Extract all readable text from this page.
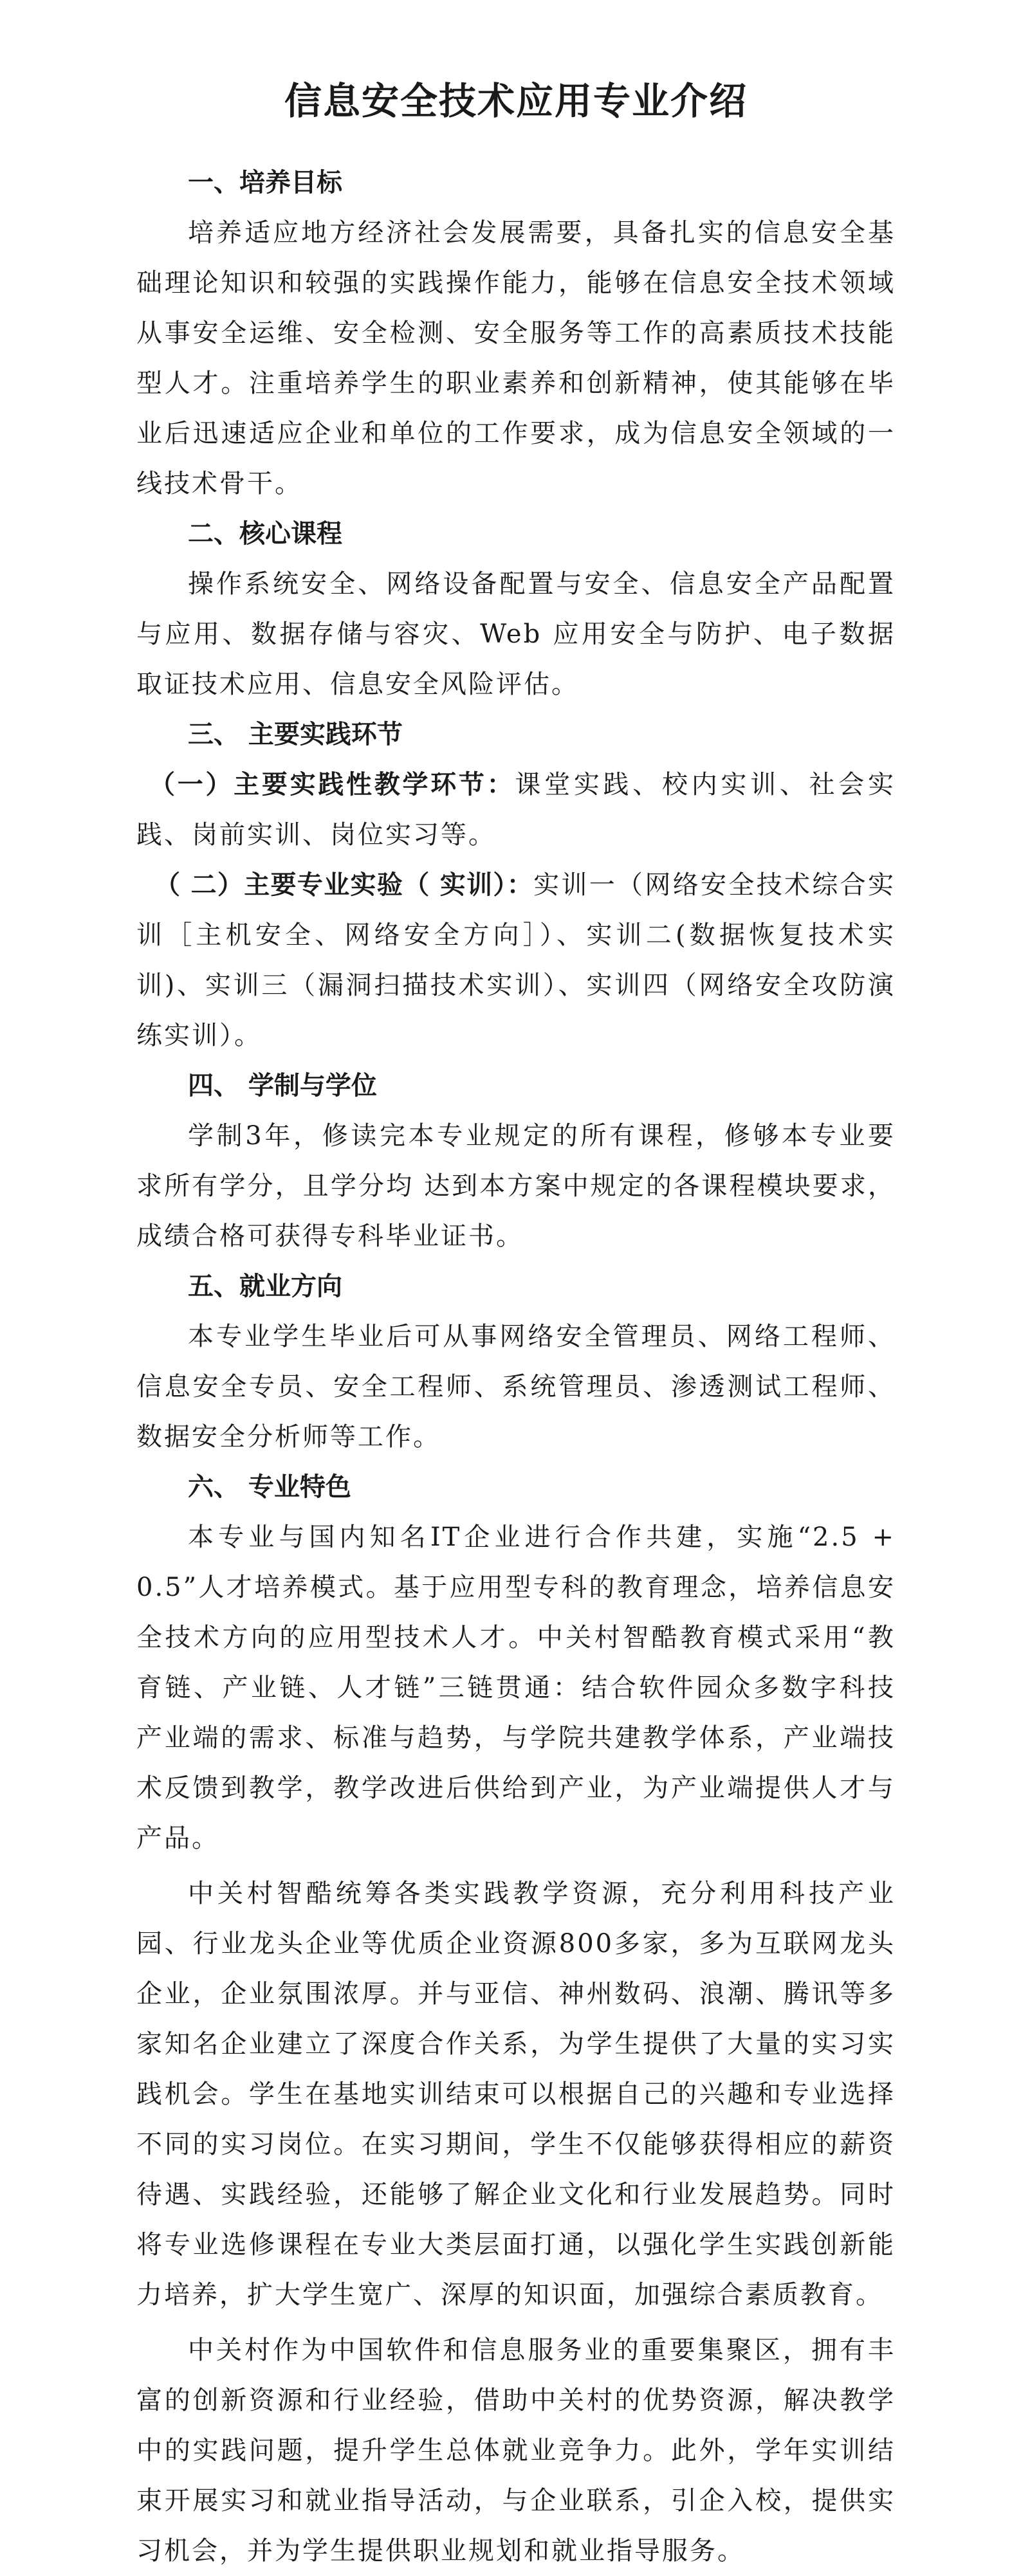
信息安全技术应用专业介绍
一、培养目标

培养适应地方经济社会发展需要，具备扎实的信息安全基础理论知识和较强的实践操作能力，能够在信息安全技术领域从事安全运维、安全检测、安全服务等工作的高素质技术技能型人才。注重培养学生的职业素养和创新精神，使其能够在毕业后迅速适应企业和单位的工作要求，成为信息安全领域的一线技术骨干。

二、核心课程

操作系统安全、网络设备配置与安全、信息安全产品配置与应用、数据存储与容灾、Web 应用安全与防护、电子数据取证技术应用、信息安全风险评估。

三、 主要实践环节

（一）主要实践性教学环节：课堂实践、校内实训、社会实践、岗前实训、岗位实习等。

（ 二）主要专业实验（ 实训）：实训一（网络安全技术综合实训［主机安全、网络安全方向］）、实训二(数据恢复技术实训)、实训三（漏洞扫描技术实训）、实训四（网络安全攻防演练实训）。

四、 学制与学位

学制3年，修读完本专业规定的所有课程，修够本专业要求所有学分，且学分均 达到本方案中规定的各课程模块要求，成绩合格可获得专科毕业证书。

五、就业方向

本专业学生毕业后可从事网络安全管理员、网络工程师、信息安全专员、安全工程师、系统管理员、渗透测试工程师、数据安全分析师等工作。

六、 专业特色

本专业与国内知名IT企业进行合作共建，实施“2.5 + 0.5”人才培养模式。基于应用型专科的教育理念，培养信息安全技术方向的应用型技术人才。中关村智酷教育模式采用“教育链、产业链、人才链”三链贯通：结合软件园众多数字科技产业端的需求、标准与趋势，与学院共建教学体系，产业端技术反馈到教学，教学改进后供给到产业，为产业端提供人才与产品。

中关村智酷统筹各类实践教学资源，充分利用科技产业园、行业龙头企业等优质企业资源800多家，多为互联网龙头企业，企业氛围浓厚。并与亚信、神州数码、浪潮、腾讯等多家知名企业建立了深度合作关系，为学生提供了大量的实习实践机会。学生在基地实训结束可以根据自己的兴趣和专业选择不同的实习岗位。在实习期间，学生不仅能够获得相应的薪资待遇、实践经验，还能够了解企业文化和行业发展趋势。同时将专业选修课程在专业大类层面打通，以强化学生实践创新能力培养，扩大学生宽广、深厚的知识面，加强综合素质教育。

中关村作为中国软件和信息服务业的重要集聚区，拥有丰富的创新资源和行业经验，借助中关村的优势资源，解决教学中的实践问题，提升学生总体就业竞争力。此外，学年实训结束开展实习和就业指导活动，与企业联系，引企入校，提供实习机会，并为学生提供职业规划和就业指导服务。
